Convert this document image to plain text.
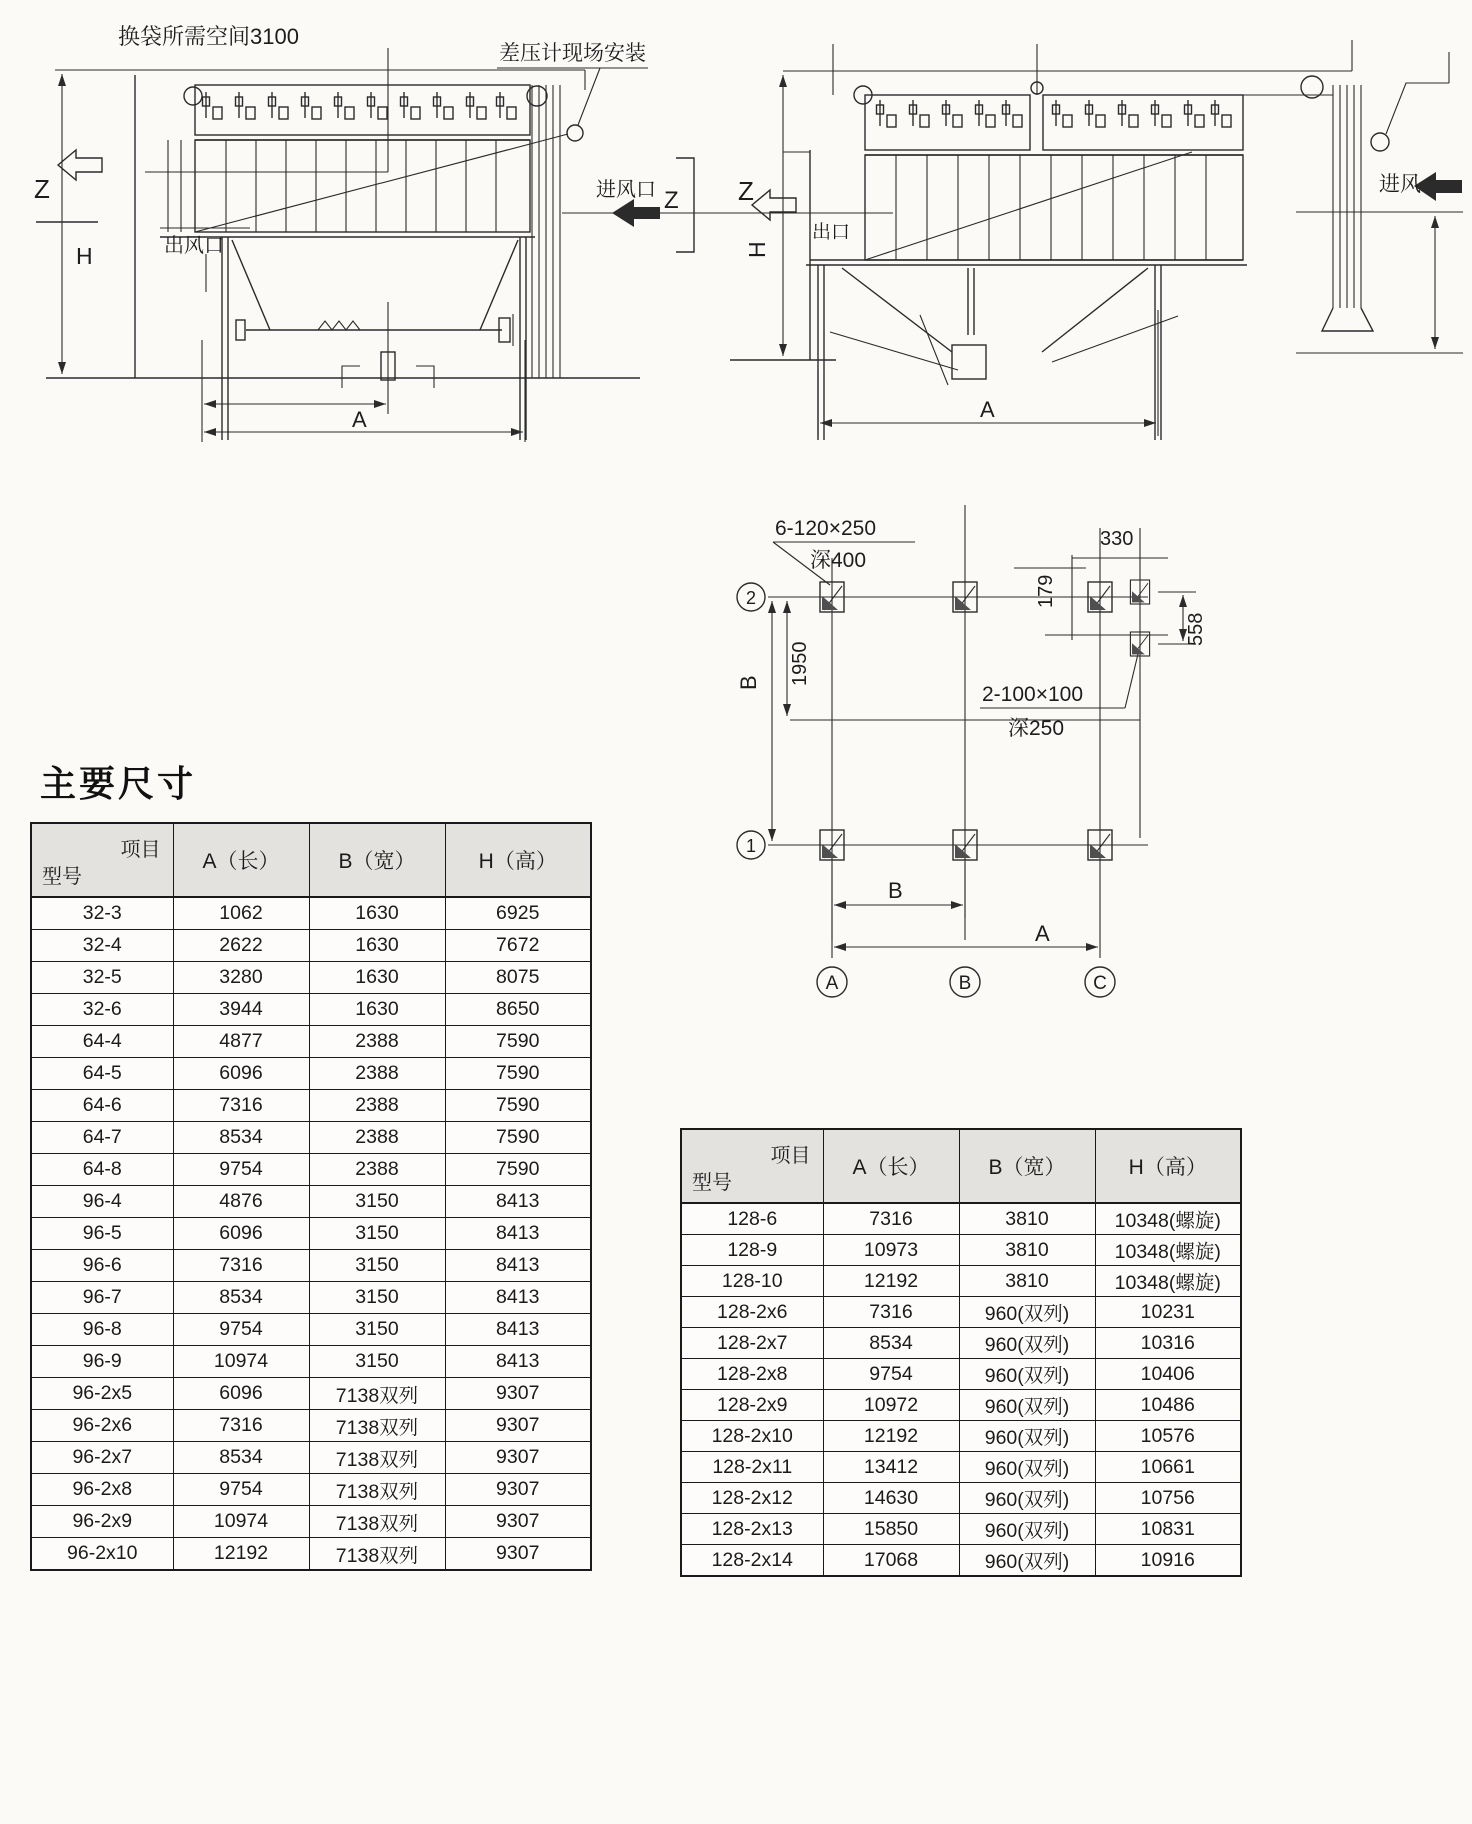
换袋所需空间3100
差压计现场安装
出风口
进风口
Z	Z
H
A
Z
出口
进风
H
A
6-120×250
深400
330
179
558
2-100×100
深250
1950
B
B
A
2
1
A	B	C
主要尺寸
项目
型号	A（长）	B（宽）	H（高）
32-3	1062	1630	6925
32-4	2622	1630	7672
32-5	3280	1630	8075
32-6	3944	1630	8650
64-4	4877	2388	7590
64-5	6096	2388	7590
64-6	7316	2388	7590
64-7	8534	2388	7590
64-8	9754	2388	7590
96-4	4876	3150	8413
96-5	6096	3150	8413
96-6	7316	3150	8413
96-7	8534	3150	8413
96-8	9754	3150	8413
96-9	10974	3150	8413
96-2x5	6096	7138双列	9307
96-2x6	7316	7138双列	9307
96-2x7	8534	7138双列	9307
96-2x8	9754	7138双列	9307
96-2x9	10974	7138双列	9307
96-2x10	12192	7138双列	9307
项目
型号	A（长）	B（宽）	H（高）
128-6	7316	3810	10348(螺旋)
128-9	10973	3810	10348(螺旋)
128-10	12192	3810	10348(螺旋)
128-2x6	7316	960(双列)	10231
128-2x7	8534	960(双列)	10316
128-2x8	9754	960(双列)	10406
128-2x9	10972	960(双列)	10486
128-2x10	12192	960(双列)	10576
128-2x11	13412	960(双列)	10661
128-2x12	14630	960(双列)	10756
128-2x13	15850	960(双列)	10831
128-2x14	17068	960(双列)	10916
